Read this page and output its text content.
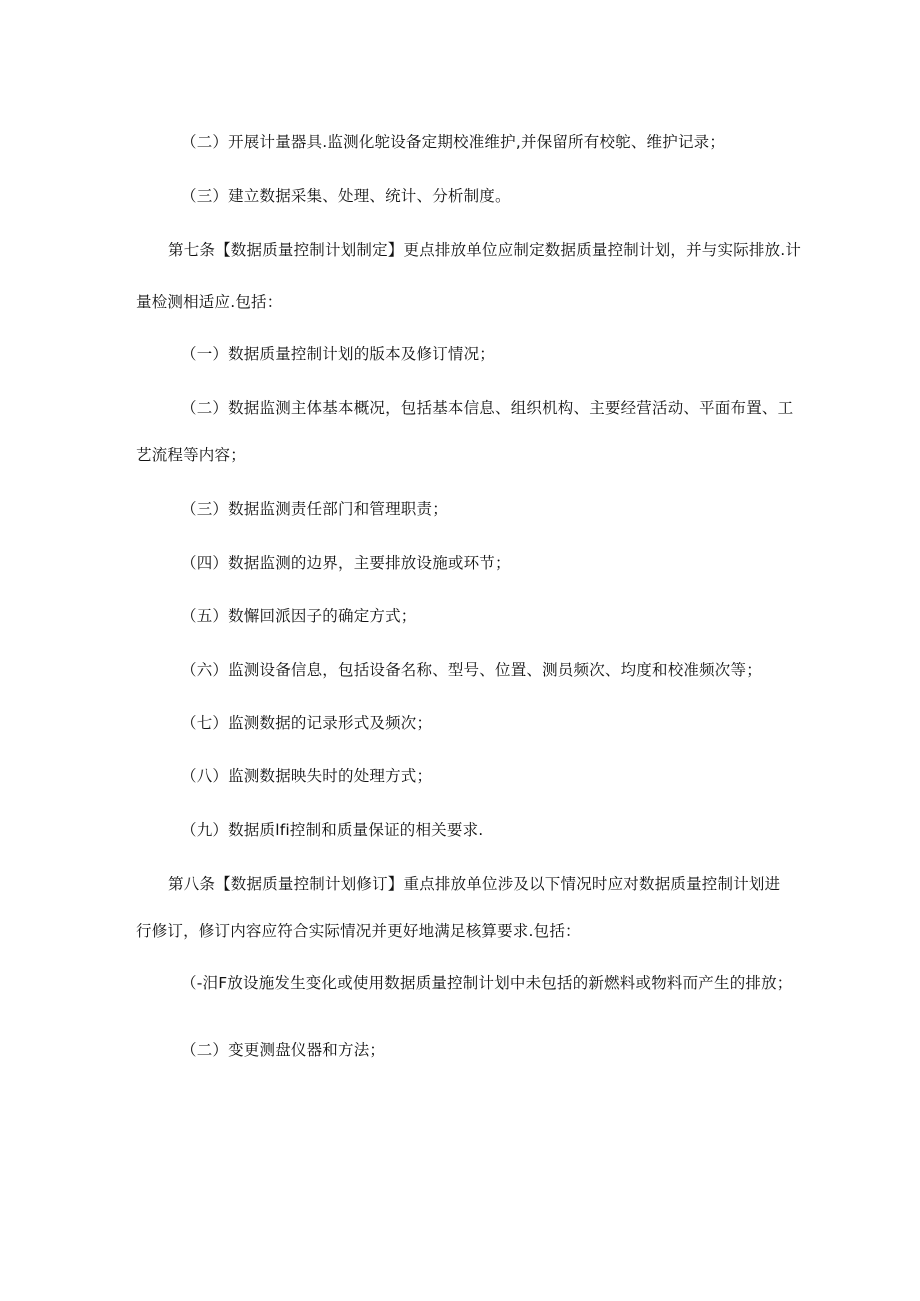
（二）开展计量器具.监测化鸵设备定期校准维护,并保留所有校鸵、维护记录；
（三）建立数据采集、处理、统计、分析制度。
第七条【数据质量控制计划制定】更点排放单位应制定数据质量控制计划，并与实际排放.计
量检测相适应.包括：
（一）数据质量控制计划的版本及修订情况；
（二）数据监测主体基本概况，包括基本信息、组织机构、主要经营活动、平面布置、工
艺流程等内容；
（三）数据监测责任部门和管理职责；
（四）数据监测的边界，主要排放设施或环节；
（五）数懈回派因子的确定方式；
（六）监测设备信息，包括设备名称、型号、位置、测员频次、均度和校准频次等；
（七）监测数据的记录形式及频次；
（八）监测数据映失时的处理方式；
（九）数据质lfi控制和质量保证的相关要求.
第八条【数据质量控制计划修订】重点排放单位涉及以下情况时应对数据质量控制计划进
行修订，修订内容应符合实际情况并更好地满足核算要求.包括：
（-汨F放设施发生变化或使用数据质量控制计划中未包括的新燃料或物料而产生的排放；
（二）变更测盘仪器和方法；
